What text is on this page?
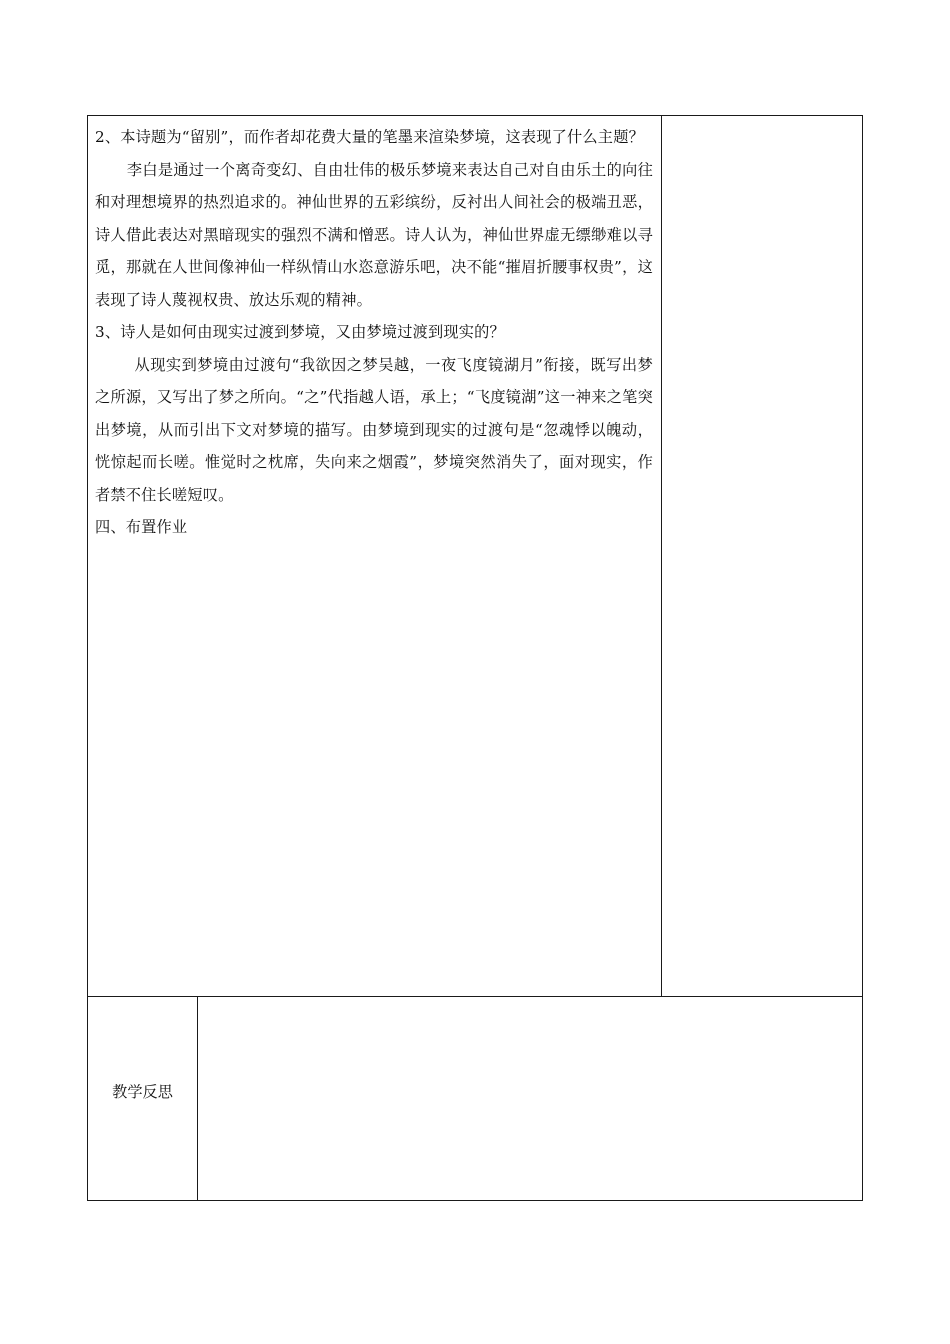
2、本诗题为“留别”，而作者却花费大量的笔墨来渲染梦境，这表现了什么主题？

李白是通过一个离奇变幻、自由壮伟的极乐梦境来表达自己对自由乐土的向往和对理想境界的热烈追求的。神仙世界的五彩缤纷，反衬出人间社会的极端丑恶，诗人借此表达对黑暗现实的强烈不满和憎恶。诗人认为，神仙世界虚无缥缈难以寻觅，那就在人世间像神仙一样纵情山水恣意游乐吧，决不能“摧眉折腰事权贵”，这表现了诗人蔑视权贵、放达乐观的精神。

3、诗人是如何由现实过渡到梦境，又由梦境过渡到现实的？

从现实到梦境由过渡句“我欲因之梦吴越，一夜飞度镜湖月”衔接，既写出梦之所源，又写出了梦之所向。“之”代指越人语，承上；“飞度镜湖”这一神来之笔突出梦境，从而引出下文对梦境的描写。由梦境到现实的过渡句是“忽魂悸以魄动，恍惊起而长嗟。惟觉时之枕席，失向来之烟霞”，梦境突然消失了，面对现实，作者禁不住长嗟短叹。

四、布置作业

教学反思
